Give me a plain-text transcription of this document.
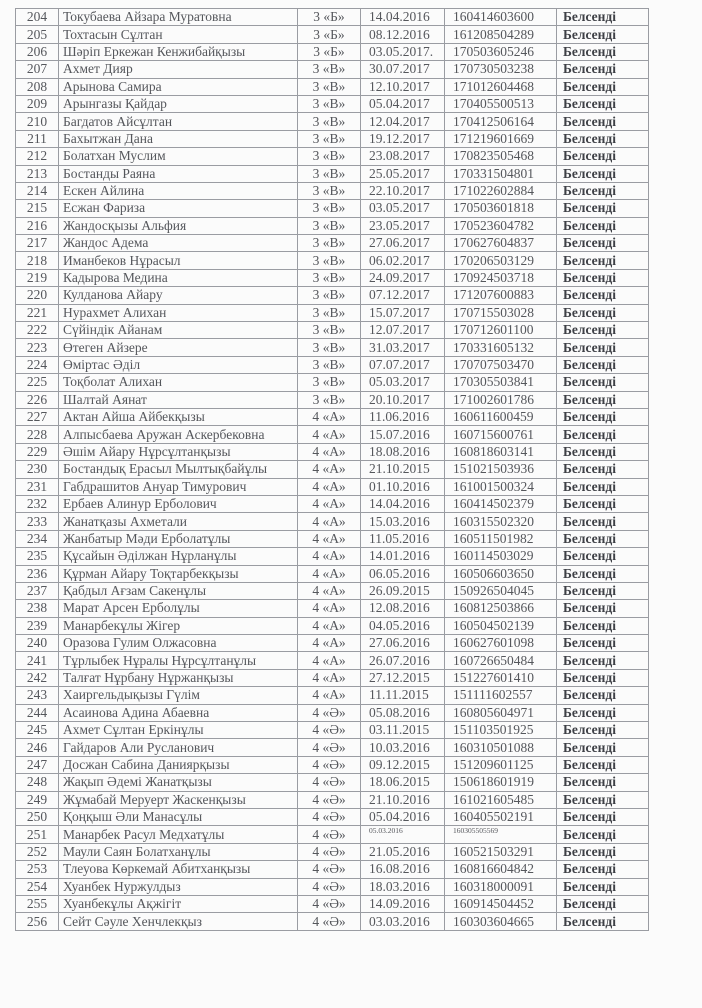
204	Токубаева Айзара Муратовна	3 «Б»	14.04.2016	160414603600	Белсенді
205	Тохтасын Сұлтан	3 «Б»	08.12.2016	161208504289	Белсенді
206	Шәріп Еркежан Кенжибайқызы	3 «Б»	03.05.2017.	170503605246	Белсенді
207	Ахмет Дияр	3 «В»	30.07.2017	170730503238	Белсенді
208	Арынова Самира	3 «В»	12.10.2017	171012604468	Белсенді
209	Арынгазы Қайдар	3 «В»	05.04.2017	170405500513	Белсенді
210	Багдатов Айсұлтан	3 «В»	12.04.2017	170412506164	Белсенді
211	Бахытжан Дана	3 «В»	19.12.2017	171219601669	Белсенді
212	Болатхан Муслим	3 «В»	23.08.2017	170823505468	Белсенді
213	Бостанды Раяна	3 «В»	25.05.2017	170331504801	Белсенді
214	Ескен Айлина	3 «В»	22.10.2017	171022602884	Белсенді
215	Есжан Фариза	3 «В»	03.05.2017	170503601818	Белсенді
216	Жандосқызы Альфия	3 «В»	23.05.2017	170523604782	Белсенді
217	Жандос Адема	3 «В»	27.06.2017	170627604837	Белсенді
218	Иманбеков Нұрасыл	3 «В»	06.02.2017	170206503129	Белсенді
219	Кадырова Медина	3 «В»	24.09.2017	170924503718	Белсенді
220	Кулданова Айару	3 «В»	07.12.2017	171207600883	Белсенді
221	Нурахмет Алихан	3 «В»	15.07.2017	170715503028	Белсенді
222	Сүйіндік Айанам	3 «В»	12.07.2017	170712601100	Белсенді
223	Өтеген Айзере	3 «В»	31.03.2017	170331605132	Белсенді
224	Өміртас Әділ	3 «В»	07.07.2017	170707503470	Белсенді
225	Тоқболат Алихан	3 «В»	05.03.2017	170305503841	Белсенді
226	Шалтай Аянат	3 «В»	20.10.2017	171002601786	Белсенді
227	Актан Айша Айбекқызы	4 «А»	11.06.2016	160611600459	Белсенді
228	Алпысбаева Аружан Аскербековна	4 «А»	15.07.2016	160715600761	Белсенді
229	Әшім Айару Нұрсұлтанқызы	4 «А»	18.08.2016	160818603141	Белсенді
230	Бостандық Ерасыл Мылтықбайұлы	4 «А»	21.10.2015	151021503936	Белсенді
231	Габдрашитов Ануар Тимурович	4 «А»	01.10.2016	161001500324	Белсенді
232	Ербаев Алинур Ерболович	4 «А»	14.04.2016	160414502379	Белсенді
233	Жанатқазы Ахметали	4 «А»	15.03.2016	160315502320	Белсенді
234	Жанбатыр Мәди Ерболатұлы	4 «А»	11.05.2016	160511501982	Белсенді
235	Құсайын Әділжан Нұрланұлы	4 «А»	14.01.2016	160114503029	Белсенді
236	Құрман Айару Тоқтарбекқызы	4 «А»	06.05.2016	160506603650	Белсенді
237	Қабдыл Ағзам Сакенұлы	4 «А»	26.09.2015	150926504045	Белсенді
238	Марат Арсен Ерболұлы	4 «А»	12.08.2016	160812503866	Белсенді
239	Манарбекұлы Жігер	4 «А»	04.05.2016	160504502139	Белсенді
240	Оразова Гулим Олжасовна	4 «А»	27.06.2016	160627601098	Белсенді
241	Тұрлыбек Нұралы Нұрсұлтанұлы	4 «А»	26.07.2016	160726650484	Белсенді
242	Талғат Нұрбану Нұржанқызы	4 «А»	27.12.2015	151227601410	Белсенді
243	Хаиргельдықызы Гүлім	4 «А»	11.11.2015	151111602557	Белсенді
244	Асаинова Адина Абаевна	4 «Ә»	05.08.2016	160805604971	Белсенді
245	Ахмет Сұлтан Еркінұлы	4 «Ә»	03.11.2015	151103501925	Белсенді
246	Гайдаров Али Русланович	4 «Ә»	10.03.2016	160310501088	Белсенді
247	Досжан Сабина Даниярқызы	4 «Ә»	09.12.2015	151209601125	Белсенді
248	Жақып Әдемі Жанатқызы	4 «Ә»	18.06.2015	150618601919	Белсенді
249	Жұмабай Меруерт Жаскенқызы	4 «Ә»	21.10.2016	161021605485	Белсенді
250	Қоңқыш Әли Манасұлы	4 «Ә»	05.04.2016	160405502191	Белсенді
251	Манарбек Расул Медхатұлы	4 «Ә»	05.03.2016	160305505569	Белсенді
252	Маули Саян Болатханұлы	4 «Ә»	21.05.2016	160521503291	Белсенді
253	Тлеуова Көркемай Абитханқызы	4 «Ә»	16.08.2016	160816604842	Белсенді
254	Хуанбек Нуржулдыз	4 «Ә»	18.03.2016	160318000091	Белсенді
255	Хуанбекұлы Ақжігіт	4 «Ә»	14.09.2016	160914504452	Белсенді
256	Сейт Сәуле Хенчлекқыз	4 «Ә»	03.03.2016	160303604665	Белсенді
